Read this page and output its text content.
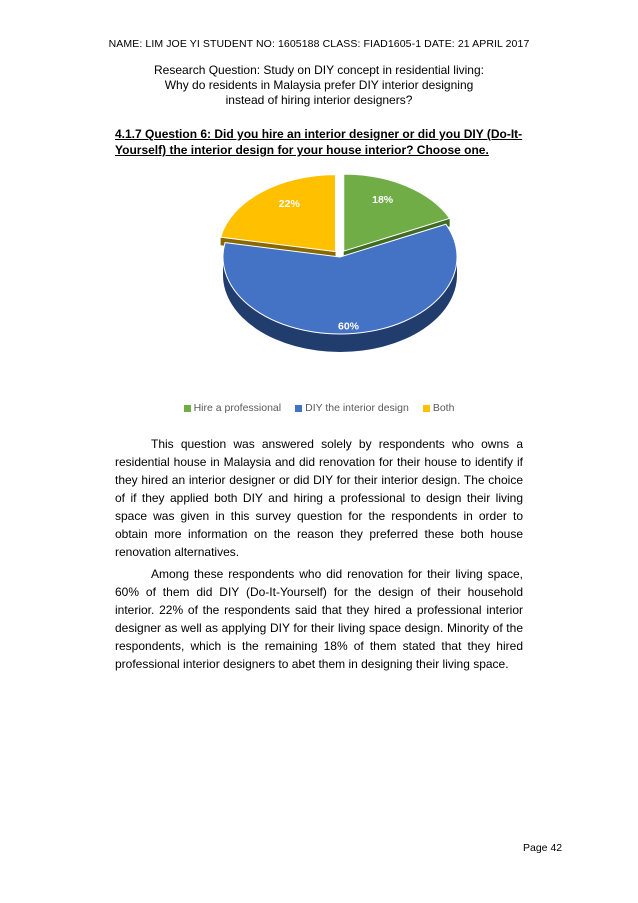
NAME: LIM JOE YI STUDENT NO: 1605188 CLASS: FIAD1605-1 DATE: 21 APRIL 2017
Research Question: Study on DIY concept in residential living:
Why do residents in Malaysia prefer DIY interior designing
instead of hiring interior designers?
4.1.7 Question 6: Did you hire an interior designer or did you DIY (Do-It-Yourself) the interior design for your house interior? Choose one.
18%
60%
22%
Hire a professional DIY the interior design Both

This question was answered solely by respondents who owns a residential house in Malaysia and did renovation for their house to identify if they hired an interior designer or did DIY for their interior design. The choice of if they applied both DIY and hiring a professional to design their living space was given in this survey question for the respondents in order to obtain more information on the reason they preferred these both house renovation alternatives.

Among these respondents who did renovation for their living space, 60% of them did DIY (Do-It-Yourself) for the design of their household interior. 22% of the respondents said that they hired a professional interior designer as well as applying DIY for their living space design. Minority of the respondents, which is the remaining 18% of them stated that they hired professional interior designers to abet them in designing their living space.

Page 42
